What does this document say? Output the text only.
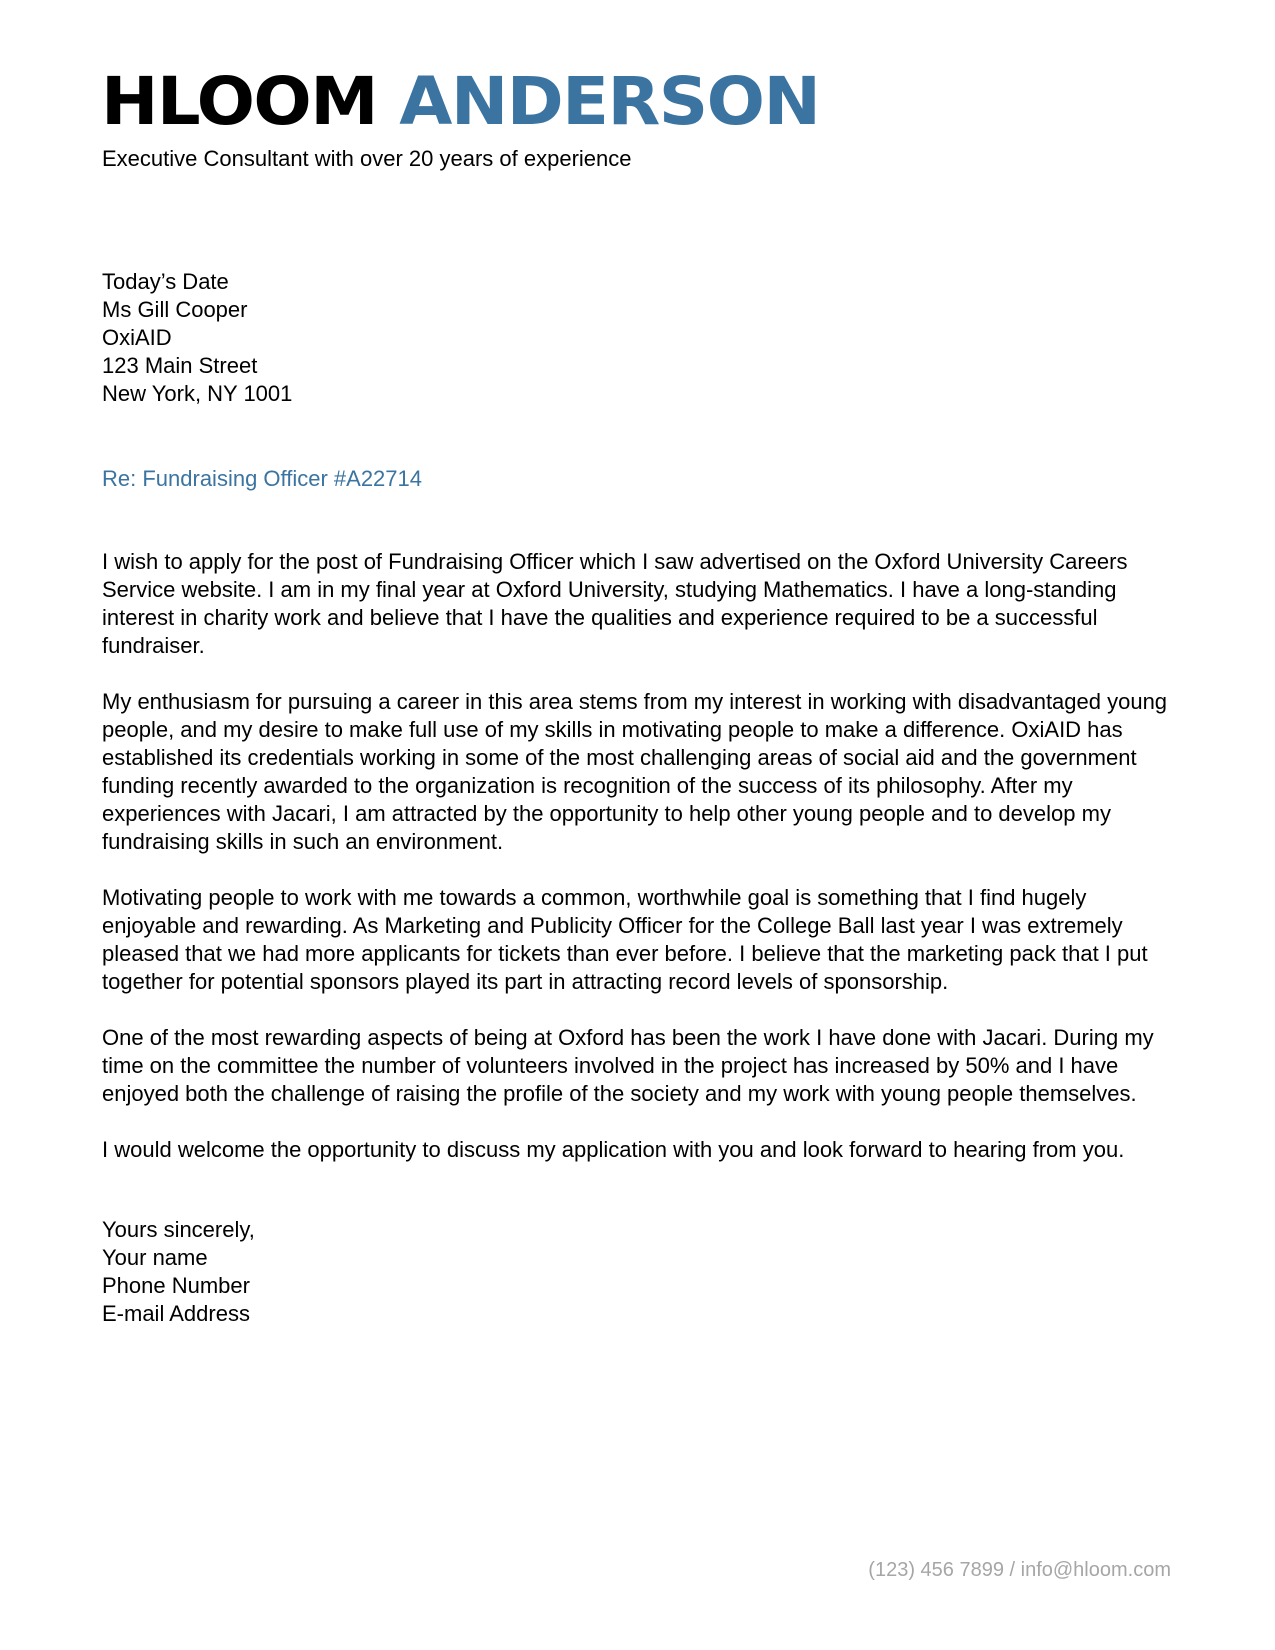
HLOOM ANDERSON
Executive Consultant with over 20 years of experience
Today’s Date
Ms Gill Cooper
OxiAID
123 Main Street
New York, NY 1001
Re: Fundraising Officer #A22714

I wish to apply for the post of Fundraising Officer which I saw advertised on the Oxford University Careers Service website. I am in my final year at Oxford University, studying Mathematics. I have a long-standing interest in charity work and believe that I have the qualities and experience required to be a successful fundraiser.

My enthusiasm for pursuing a career in this area stems from my interest in working with disadvantaged young people, and my desire to make full use of my skills in motivating people to make a difference. OxiAID has established its credentials working in some of the most challenging areas of social aid and the government funding recently awarded to the organization is recognition of the success of its philosophy. After my experiences with Jacari, I am attracted by the opportunity to help other young people and to develop my fundraising skills in such an environment.

Motivating people to work with me towards a common, worthwhile goal is something that I find hugely enjoyable and rewarding. As Marketing and Publicity Officer for the College Ball last year I was extremely pleased that we had more applicants for tickets than ever before. I believe that the marketing pack that I put together for potential sponsors played its part in attracting record levels of sponsorship.

One of the most rewarding aspects of being at Oxford has been the work I have done with Jacari. During my time on the committee the number of volunteers involved in the project has increased by 50% and I have enjoyed both the challenge of raising the profile of the society and my work with young people themselves.

I would welcome the opportunity to discuss my application with you and look forward to hearing from you.

Yours sincerely,
Your name
Phone Number
E-mail Address
(123) 456 7899 / info@hloom.com
